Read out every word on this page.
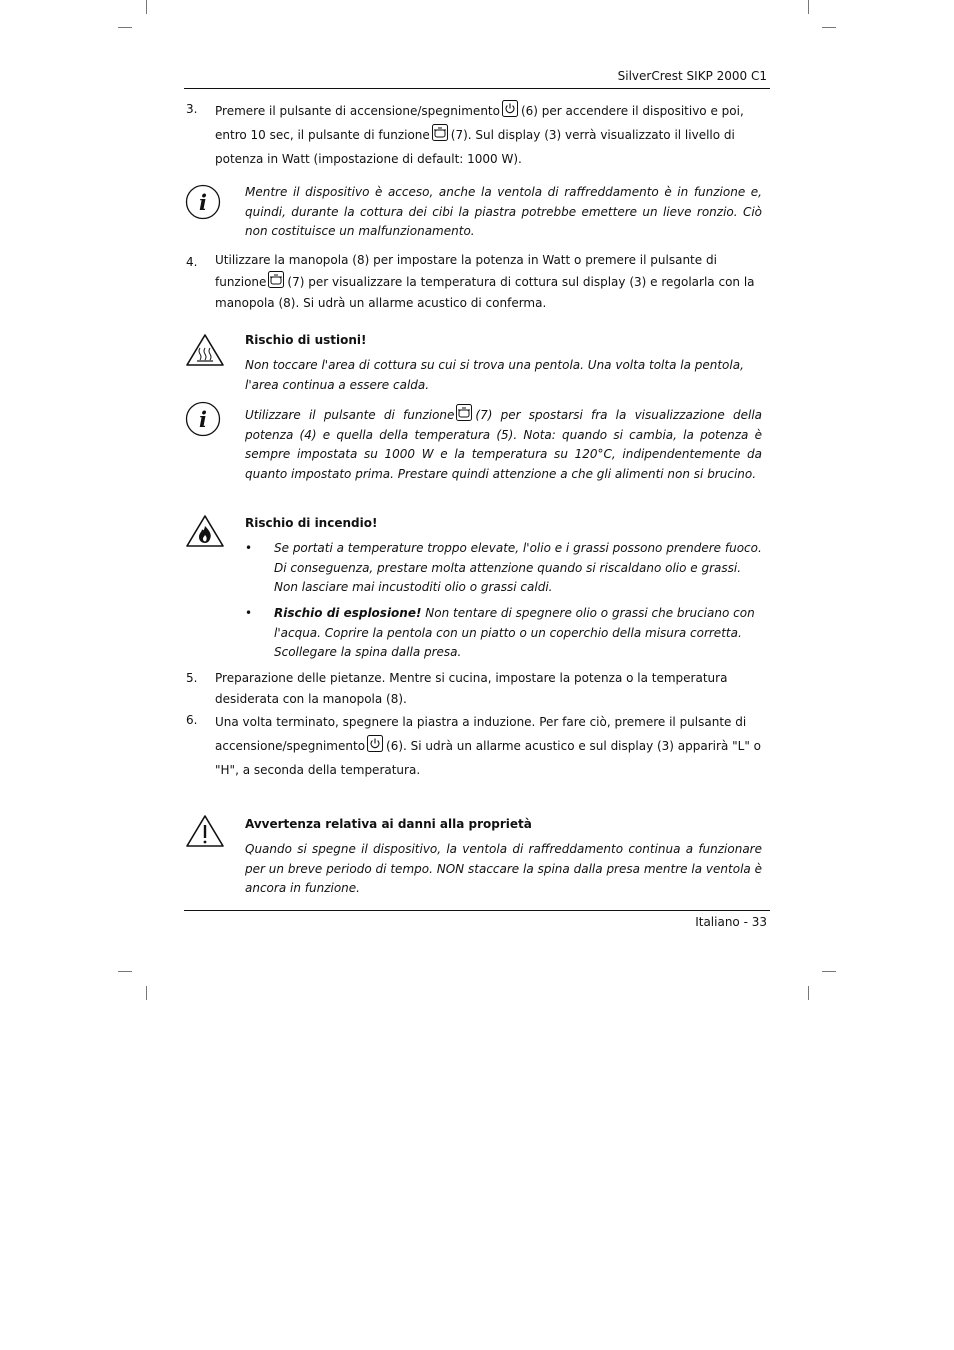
SilverCrest SIKP 2000 C1
3. Premere il pulsante di accensione/spegnimento (6) per accendere il dispositivo e poi, entro 10 sec, il pulsante di funzione (7). Sul display (3) verrà visualizzato il livello di potenza in Watt (impostazione di default: 1000 W).
i	Mentre il dispositivo è acceso, anche la ventola di raffreddamento è in funzione e, quindi, durante la cottura dei cibi la piastra potrebbe emettere un lieve ronzio. Ciò non costituisce un malfunzionamento.
4. Utilizzare la manopola (8) per impostare la potenza in Watt o premere il pulsante di funzione (7) per visualizzare la temperatura di cottura sul display (3) e regolarla con la manopola (8). Si udrà un allarme acustico di conferma.
Rischio di ustioni!
Non toccare l'area di cottura su cui si trova una pentola. Una volta tolta la pentola, l'area continua a essere calda.
i	Utilizzare il pulsante di funzione (7) per spostarsi fra la visualizzazione della potenza (4) e quella della temperatura (5). Nota: quando si cambia, la potenza è sempre impostata su 1000 W e la temperatura su 120°C, indipendentemente da quanto impostato prima. Prestare quindi attenzione a che gli alimenti non si brucino.
Rischio di incendio!
• Se portati a temperature troppo elevate, l'olio e i grassi possono prendere fuoco. Di conseguenza, prestare molta attenzione quando si riscaldano olio e grassi. Non lasciare mai incustoditi olio o grassi caldi.
• Rischio di esplosione! Non tentare di spegnere olio o grassi che bruciano con l'acqua. Coprire la pentola con un piatto o un coperchio della misura corretta. Scollegare la spina dalla presa.
5. Preparazione delle pietanze. Mentre si cucina, impostare la potenza o la temperatura desiderata con la manopola (8).
6. Una volta terminato, spegnere la piastra a induzione. Per fare ciò, premere il pulsante di accensione/spegnimento (6). Si udrà un allarme acustico e sul display (3) apparirà "L" o "H", a seconda della temperatura.
Avvertenza relativa ai danni alla proprietà
Quando si spegne il dispositivo, la ventola di raffreddamento continua a funzionare per un breve periodo di tempo. NON staccare la spina dalla presa mentre la ventola è ancora in funzione.
Italiano - 33
